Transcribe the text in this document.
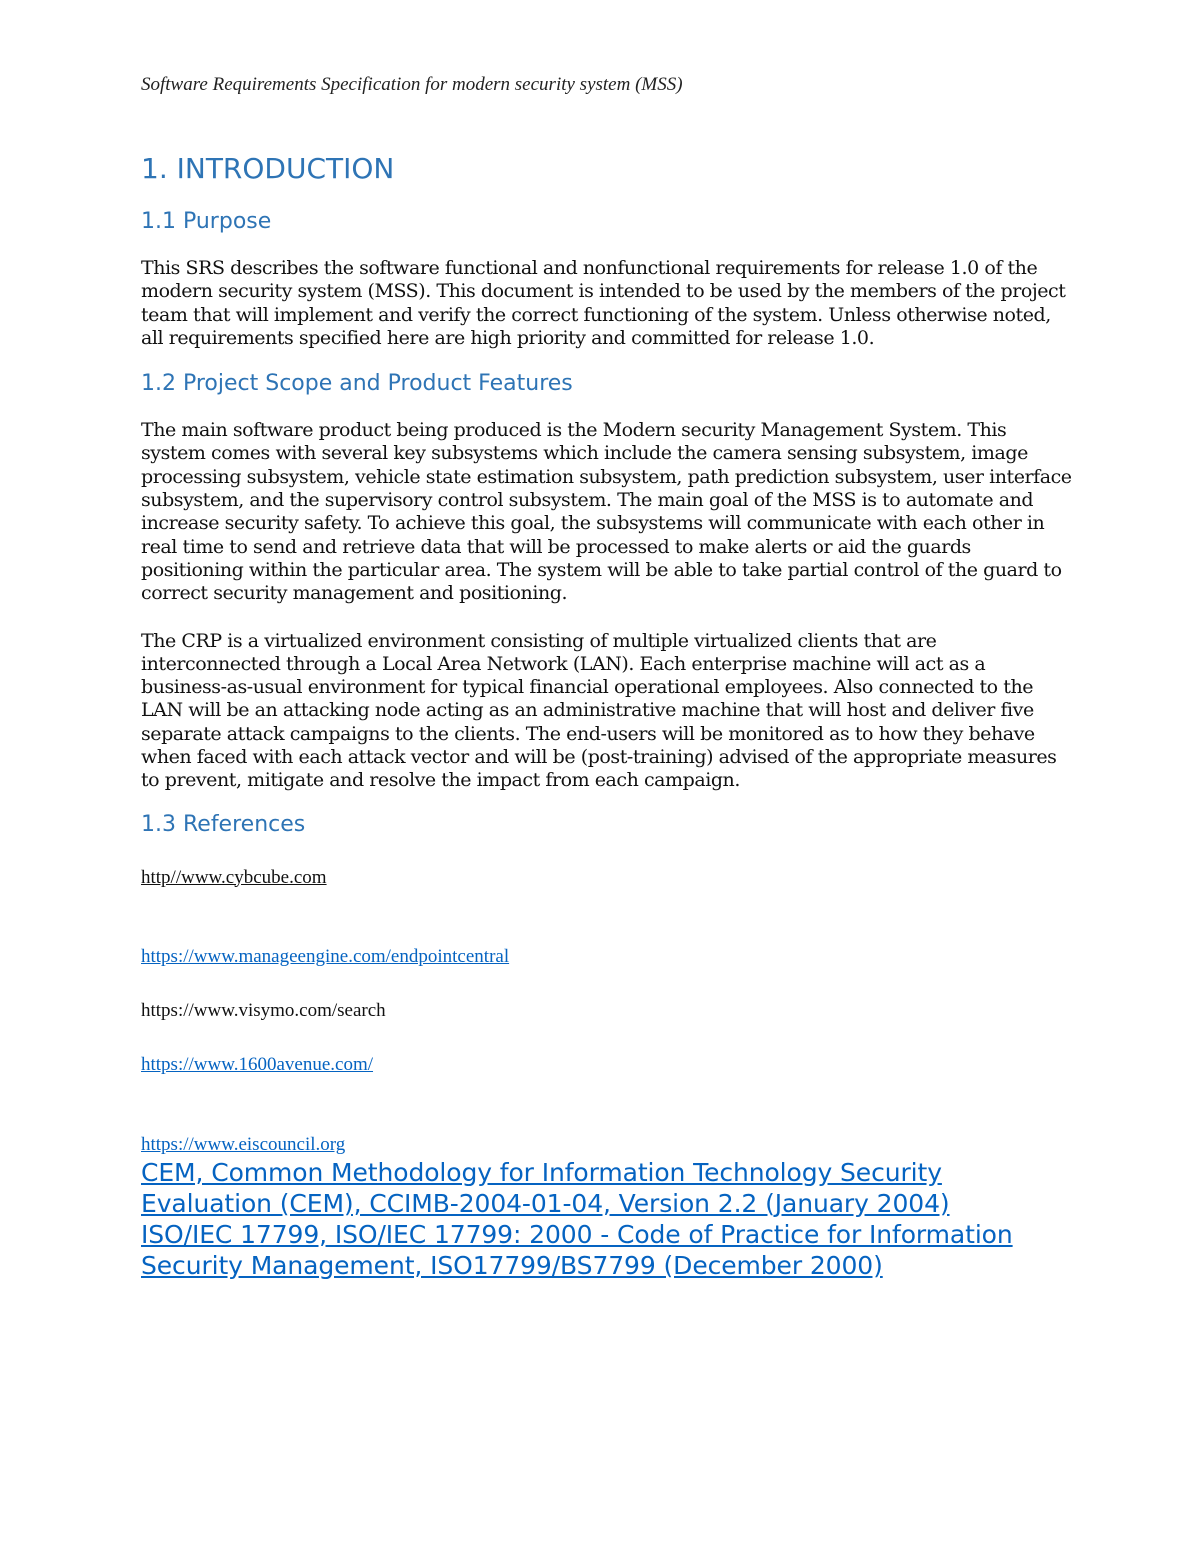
Software Requirements Specification for modern security system (MSS)

1. INTRODUCTION
1.1 Purpose

This SRS describes the software functional and nonfunctional requirements for release 1.0 of the modern security system (MSS). This document is intended to be used by the members of the project team that will implement and verify the correct functioning of the system. Unless otherwise noted, all requirements specified here are high priority and committed for release 1.0.

1.2 Project Scope and Product Features

The main software product being produced is the Modern security Management System. This system comes with several key subsystems which include the camera sensing subsystem, image processing subsystem, vehicle state estimation subsystem, path prediction subsystem, user interface subsystem, and the supervisory control subsystem. The main goal of the MSS is to automate and increase security safety. To achieve this goal, the subsystems will communicate with each other in real time to send and retrieve data that will be processed to make alerts or aid the guards positioning within the particular area. The system will be able to take partial control of the guard to correct security management and positioning.

The CRP is a virtualized environment consisting of multiple virtualized clients that are interconnected through a Local Area Network (LAN). Each enterprise machine will act as a business-as-usual environment for typical financial operational employees. Also connected to the LAN will be an attacking node acting as an administrative machine that will host and deliver five separate attack campaigns to the clients. The end-users will be monitored as to how they behave when faced with each attack vector and will be (post-training) advised of the appropriate measures to prevent, mitigate and resolve the impact from each campaign.

1.3 References
http//www.cybcube.com
https://www.manageengine.com/endpointcentral
https://www.visymo.com/search
https://www.1600avenue.com/
https://www.eiscouncil.org

CEM, Common Methodology for Information Technology Security Evaluation (CEM), CCIMB-2004-01-04, Version 2.2 (January 2004)

ISO/IEC 17799, ISO/IEC 17799: 2000 - Code of Practice for Information Security Management, ISO17799/BS7799 (December 2000)
